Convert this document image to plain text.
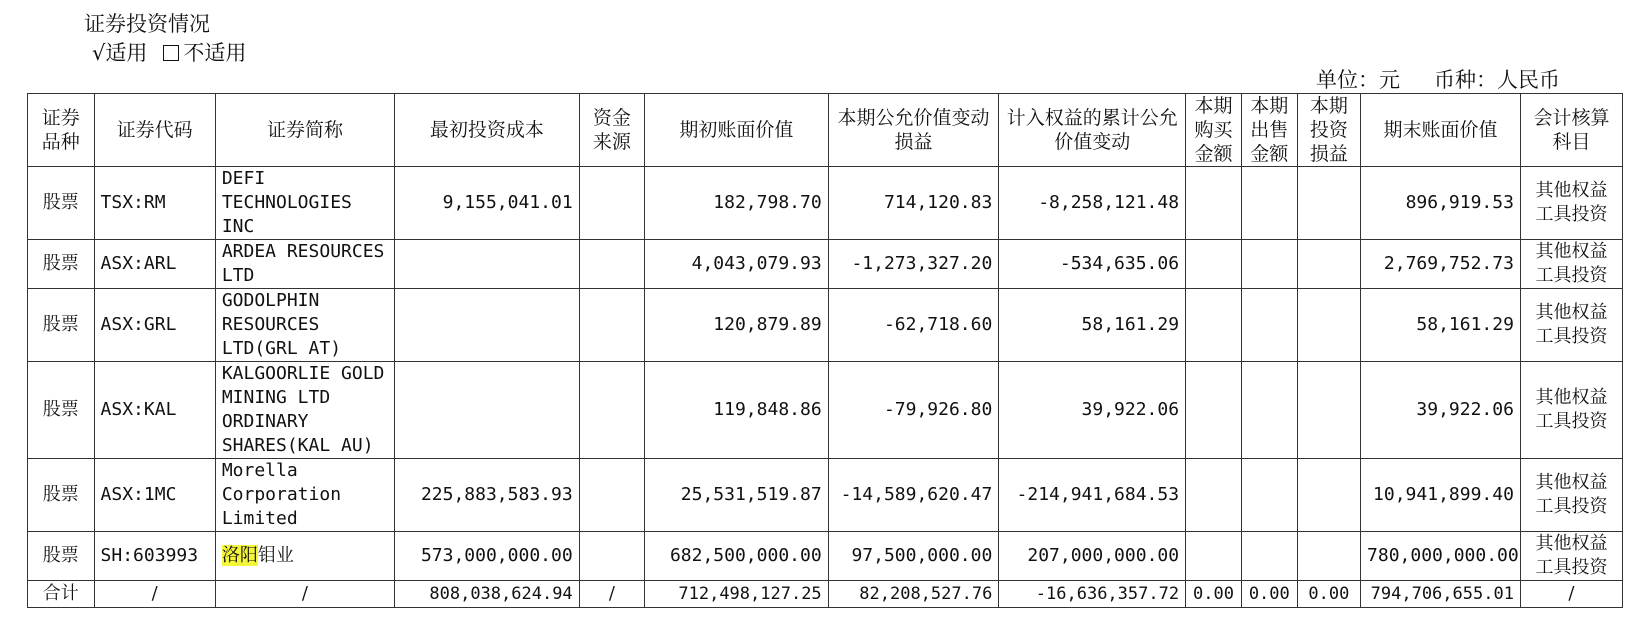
证券投资情况
√适用 不适用
单位：元 币种：人民币
证券品种	证券代码	证券简称	最初投资成本	资金来源	期初账面价值	本期公允价值变动损益	计入权益的累计公允价值变动	本期购买金额	本期出售金额	本期投资损益	期末账面价值	会计核算科目
股票	TSX:RM	DEFI
TECHNOLOGIES
INC	9,155,041.01		182,798.70	714,120.83	-8,258,121.48				896,919.53	其他权益工具投资
股票	ASX:ARL	ARDEA RESOURCES
LTD			4,043,079.93	-1,273,327.20	-534,635.06				2,769,752.73	其他权益工具投资
股票	ASX:GRL	GODOLPHIN
RESOURCES
LTD(GRL AT)			120,879.89	-62,718.60	58,161.29				58,161.29	其他权益工具投资
股票	ASX:KAL	KALGOORLIE GOLD
MINING LTD
ORDINARY
SHARES(KAL AU)			119,848.86	-79,926.80	39,922.06				39,922.06	其他权益工具投资
股票	ASX:1MC	Morella
Corporation
Limited	225,883,583.93		25,531,519.87	-14,589,620.47	-214,941,684.53				10,941,899.40	其他权益工具投资
股票	SH:603993	洛阳钼业	573,000,000.00		682,500,000.00	97,500,000.00	207,000,000.00				780,000,000.00	其他权益工具投资
合计	/	/	808,038,624.94	/	712,498,127.25	82,208,527.76	-16,636,357.72	0.00	0.00	0.00	794,706,655.01	/
